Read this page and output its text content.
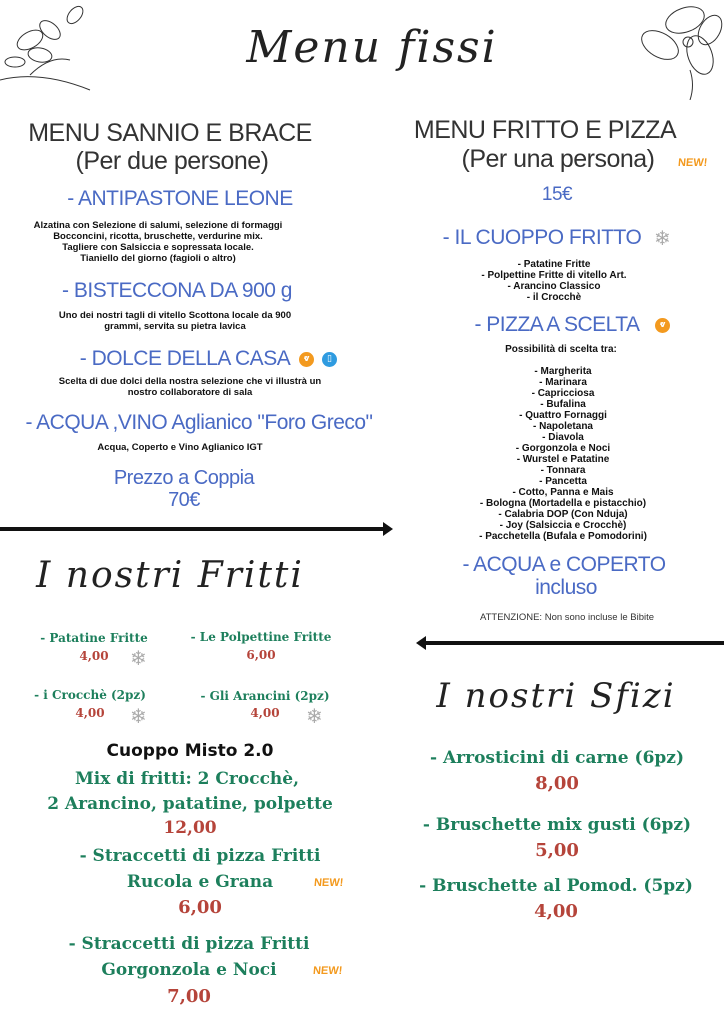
Menu fissi
MENU SANNIO E BRACE
(Per due persone)
- ANTIPASTONE LEONE
Alzatina con Selezione di salumi, selezione di formaggi
Bocconcini, ricotta, bruschette, verdurine mix.
Tagliere con Salsiccia e sopressata locale.
Tianiello del giorno (fagioli o altro)
- BISTECCONA DA 900 g
Uno dei nostri tagli di vitello Scottona locale da 900
grammi, servita su pietra lavica
- DOLCE DELLA CASA	ⱴ	▯
Scelta di due dolci della nostra selezione che vi illustrà un
nostro collaboratore di sala
- ACQUA ,VINO Aglianico "Foro Greco"
Acqua, Coperto e Vino Aglianico IGT
Prezzo a Coppia
70€
I nostri Fritti
- Patatine Fritte
4,00 ❄
- Le Polpettine Fritte
6,00
- i Crocchè (2pz)
4,00 ❄
- Gli Arancini (2pz)
4,00 ❄
Cuoppo Misto 2.0
Mix di fritti: 2 Crocchè,
2 Arancino, patatine, polpette
12,00
- Straccetti di pizza Fritti
Rucola e Grana	NEW!
6,00
- Straccetti di pizza Fritti
Gorgonzola e Noci	NEW!
7,00
MENU FRITTO E PIZZA
(Per una persona) NEW!
15€
- IL CUOPPO FRITTO ❄
- Patatine Fritte
- Polpettine Fritte di vitello Art.
- Arancino Classico
- il Crocchè
- PIZZA A SCELTA	ⱴ
Possibilità di scelta tra:
- Margherita
- Marinara
- Capricciosa
- Bufalina
- Quattro Fornaggi
- Napoletana
- Diavola
- Gorgonzola e Noci
- Wurstel e Patatine
- Tonnara
- Pancetta
- Cotto, Panna e Mais
- Bologna (Mortadella e pistacchio)
- Calabria DOP (Con Nduja)
- Joy (Salsiccia e Crocchè)
- Pacchetella (Bufala e Pomodorini)
- ACQUA e COPERTO
incluso
ATTENZIONE: Non sono incluse le Bibite
I nostri Sfizi
- Arrosticini di carne (6pz)
8,00
- Bruschette mix gusti (6pz)
5,00
- Bruschette al Pomod. (5pz)
4,00
